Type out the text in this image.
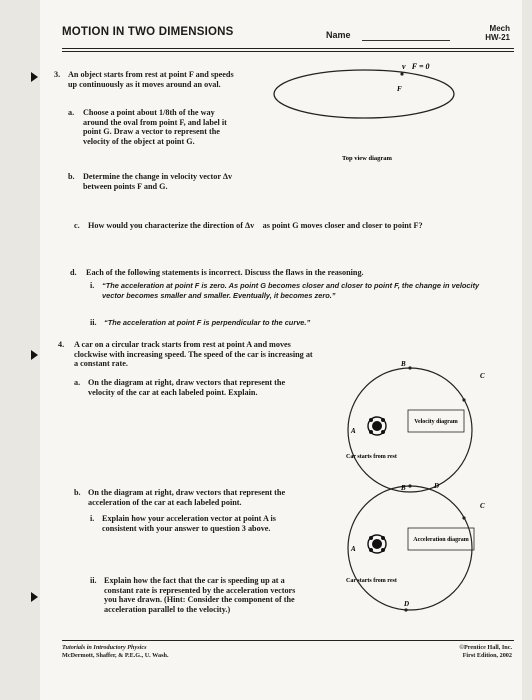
MOTION IN TWO DIMENSIONS	Name
Mech
HW-21
3. An object starts from rest at point F and speeds up continuously as it moves around an oval.
a. Choose a point about 1/8th of the way around the oval from point F, and label it point G. Draw a vector to represent the velocity of the object at point G.
v⃗F = 0
F
Top view diagram
b. Determine the change in velocity vector Δv⃗ between points F and G.
c. How would you characterize the direction of Δv⃗ as point G moves closer and closer to point F?
d. Each of the following statements is incorrect. Discuss the flaws in the reasoning.
i. “The acceleration at point F is zero. As point G becomes closer and closer to point F, the change in velocity vector becomes smaller and smaller. Eventually, it becomes zero.”
ii. “The acceleration at point F is perpendicular to the curve.”
4. A car on a circular track starts from rest at point A and moves clockwise with increasing speed. The speed of the car is increasing at a constant rate.
a. On the diagram at right, draw vectors that represent the velocity of the car at each labeled point. Explain.
B
C
A
Velocity diagram
Car starts from rest
b. On the diagram at right, draw vectors that represent the acceleration of the car at each labeled point.
i. Explain how your acceleration vector at point A is consistent with your answer to question 3 above.
ii. Explain how the fact that the car is speeding up at a constant rate is represented by the acceleration vectors you have drawn. (Hint: Consider the component of the acceleration parallel to the velocity.)
B	D
C
A
Acceleration diagram
Car starts from rest
D
Tutorials in Introductory Physics
McDermott, Shaffer, & P.E.G., U. Wash.
©Prentice Hall, Inc.
First Edition, 2002
